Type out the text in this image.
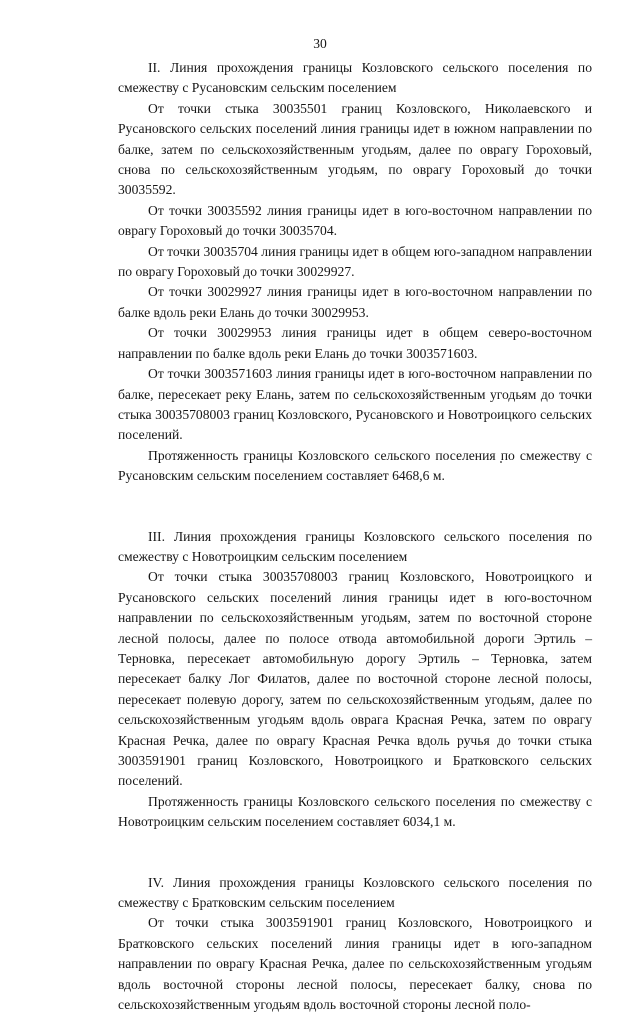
30

II. Линия прохождения границы Козловского сельского поселения по смежеству с Русановским сельским поселением

От точки стыка 30035501 границ Козловского, Николаевского и Русановского сельских поселений линия границы идет в южном направлении по балке, затем по сельскохозяйственным угодьям, далее по оврагу Гороховый, снова по сельскохозяйственным угодьям, по оврагу Гороховый до точки 30035592.

От точки 30035592 линия границы идет в юго-восточном направлении по оврагу Гороховый до точки 30035704.

От точки 30035704 линия границы идет в общем юго-западном направлении по оврагу Гороховый до точки 30029927.

От точки 30029927 линия границы идет в юго-восточном направлении по балке вдоль реки Елань до точки 30029953.

От точки 30029953 линия границы идет в общем северо-восточном направлении по балке вдоль реки Елань до точки 3003571603.

От точки 3003571603 линия границы идет в юго-восточном направлении по балке, пересекает реку Елань, затем по сельскохозяйственным угодьям до точки стыка 30035708003 границ Козловского, Русановского и Новотроицкого сельских поселений.

Протяженность границы Козловского сельского поселения по смежеству с Русановским сельским поселением составляет 6468,6 м.

III. Линия прохождения границы Козловского сельского поселения по смежеству с Новотроицким сельским поселением

От точки стыка 30035708003 границ Козловского, Новотроицкого и Русановского сельских поселений линия границы идет в юго-восточном направлении по сельскохозяйственным угодьям, затем по восточной стороне лесной полосы, далее по полосе отвода автомобильной дороги Эртиль – Терновка, пересекает автомобильную дорогу Эртиль – Терновка, затем пересекает балку Лог Филатов, далее по восточной стороне лесной полосы, пересекает полевую дорогу, затем по сельскохозяйственным угодьям, далее по сельскохозяйственным угодьям вдоль оврага Красная Речка, затем по оврагу Красная Речка, далее по оврагу Красная Речка вдоль ручья до точки стыка 3003591901 границ Козловского, Новотроицкого и Братковского сельских поселений.

Протяженность границы Козловского сельского поселения по смежеству с Новотроицким сельским поселением составляет 6034,1 м.

IV. Линия прохождения границы Козловского сельского поселения по смежеству с Братковским сельским поселением

От точки стыка 3003591901 границ Козловского, Новотроицкого и Братковского сельских поселений линия границы идет в юго-западном направлении по оврагу Красная Речка, далее по сельскохозяйственным угодьям вдоль восточной стороны лесной полосы, пересекает балку, снова по сельскохозяйственным угодьям вдоль восточной стороны лесной поло-
